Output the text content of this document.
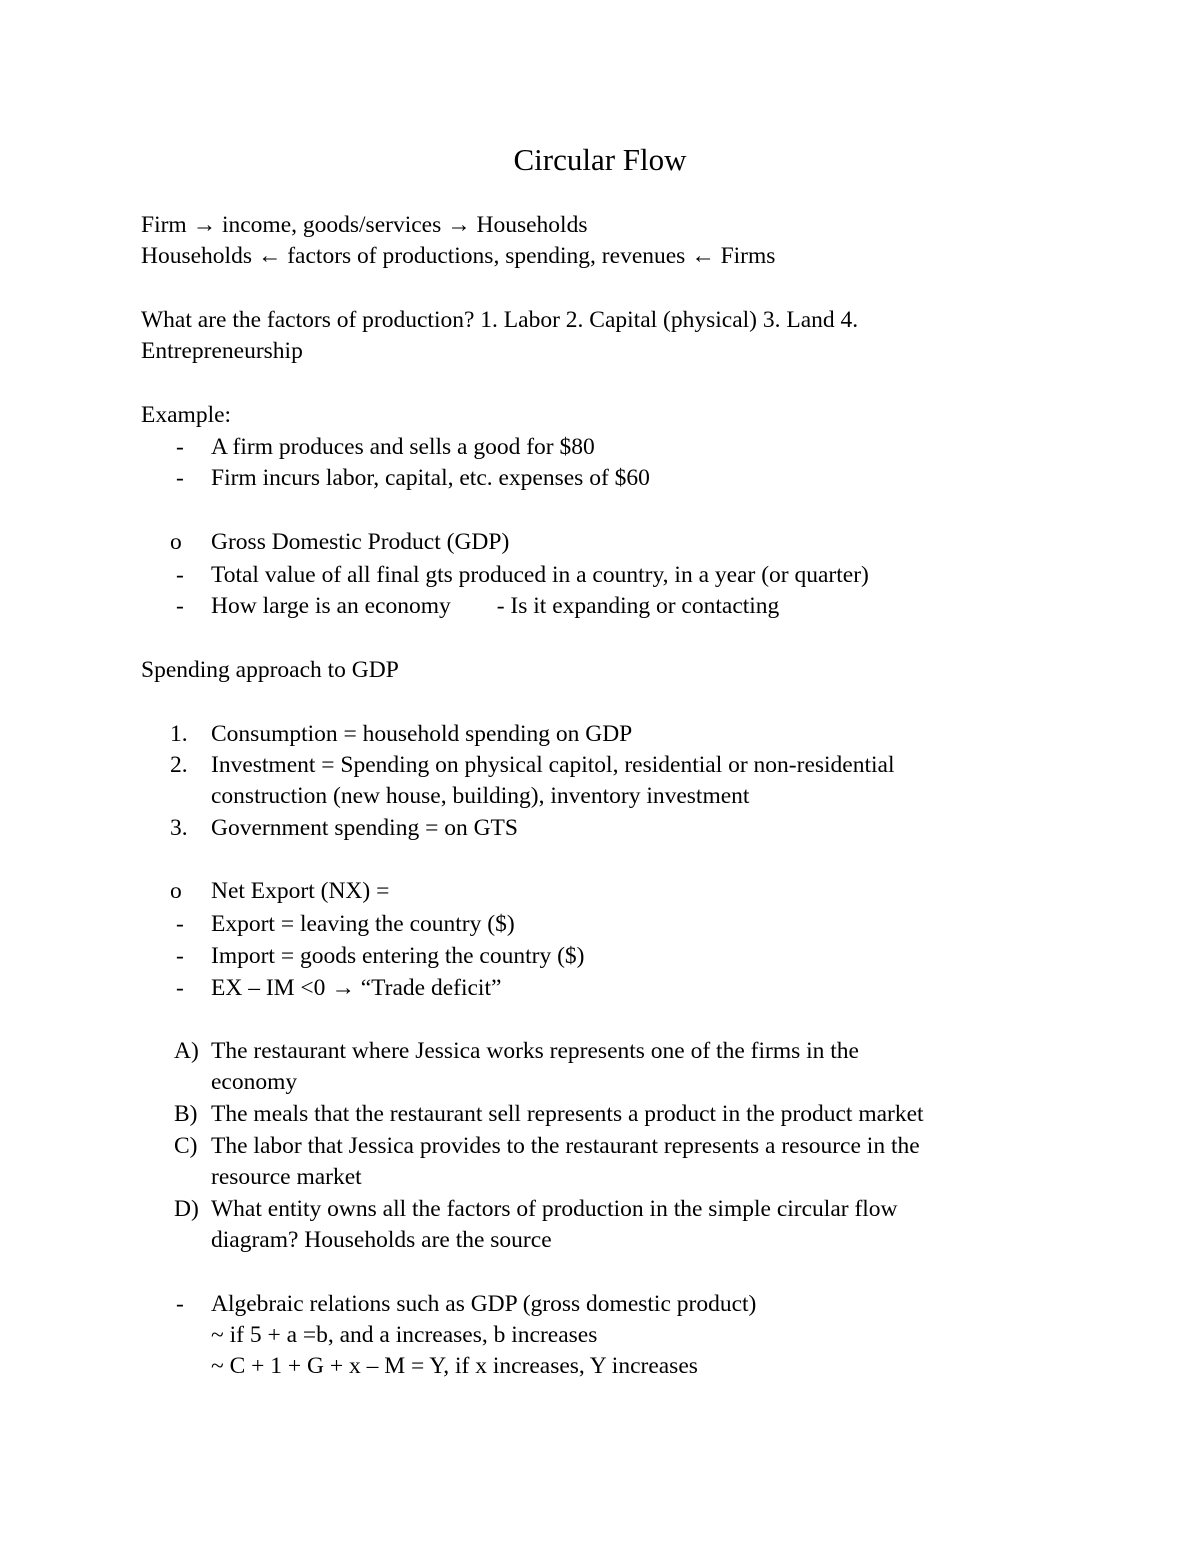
Circular Flow
Firm → income, goods/services → Households
Households ← factors of productions, spending, revenues ← Firms
What are the factors of production? 1. Labor 2. Capital (physical) 3. Land 4.
Entrepreneurship
Example:
-	A firm produces and sells a good for $80
-	Firm incurs labor, capital, etc. expenses of $60
o	Gross Domestic Product (GDP)
-	Total value of all final gts produced in a country, in a year (or quarter)
-	How large is an economy - Is it expanding or contacting
Spending approach to GDP
1. Consumption = household spending on GDP
2. Investment = Spending on physical capitol, residential or non-residential
construction (new house, building), inventory investment
3. Government spending = on GTS
o	Net Export (NX) =
-	Export = leaving the country ($)
-	Import = goods entering the country ($)
-	EX – IM <0 → “Trade deficit”
A) The restaurant where Jessica works represents one of the firms in the
economy
B) The meals that the restaurant sell represents a product in the product market
C) The labor that Jessica provides to the restaurant represents a resource in the
resource market
D) What entity owns all the factors of production in the simple circular flow
diagram? Households are the source
-	Algebraic relations such as GDP (gross domestic product)
~ if 5 + a =b, and a increases, b increases
~ C + 1 + G + x – M = Y, if x increases, Y increases
